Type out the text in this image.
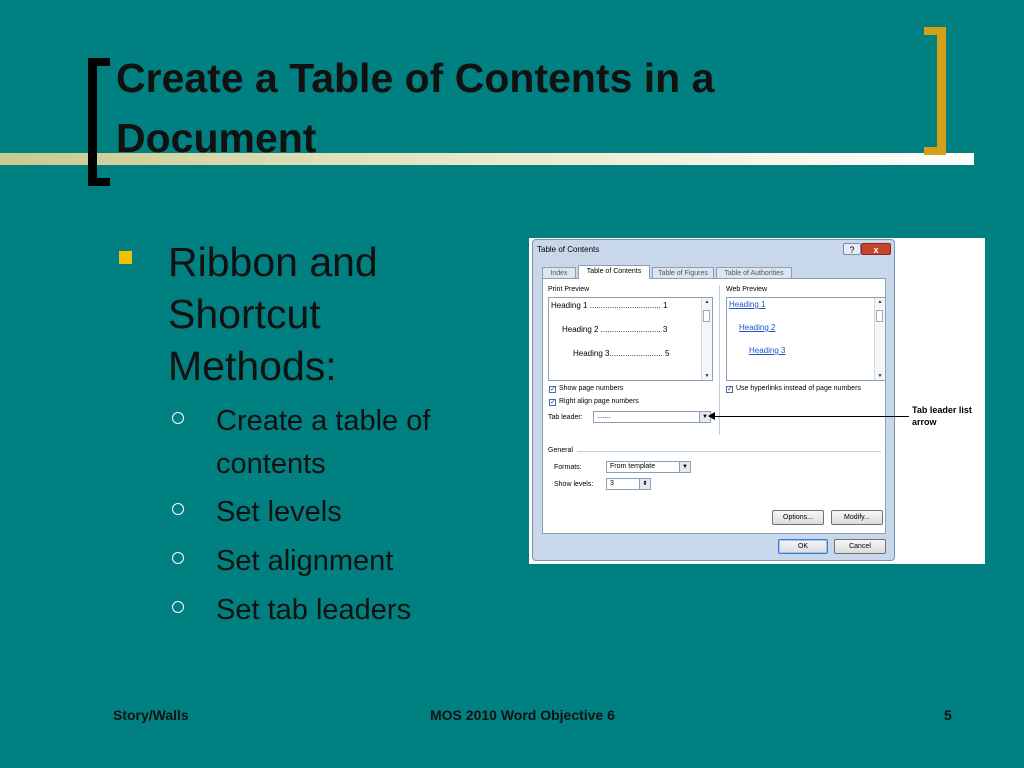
Create a Table of Contents in a Document
Ribbon and Shortcut Methods:
Create a table of contents
Set levels
Set alignment
Set tab leaders
Table of Contents	?	x
Index	Table of Contents	Table of Figures	Table of Authorities
Print Preview
Heading 1 ................................ 1
Heading 2 ........................... 3
Heading 3........................ 5
▲
▼
Web Preview
Heading 1
Heading 2
Heading 3
▲
▼
✓ Show page numbers
✓ Right align page numbers
✓ Use hyperlinks instead of page numbers
Tab leader:	.......	▼
General
Formats:	From template	▼
Show levels:	3	⬍
Options...	Modify...
OK	Cancel
Tab leader list arrow
Story/Walls	MOS 2010 Word Objective 6	5
